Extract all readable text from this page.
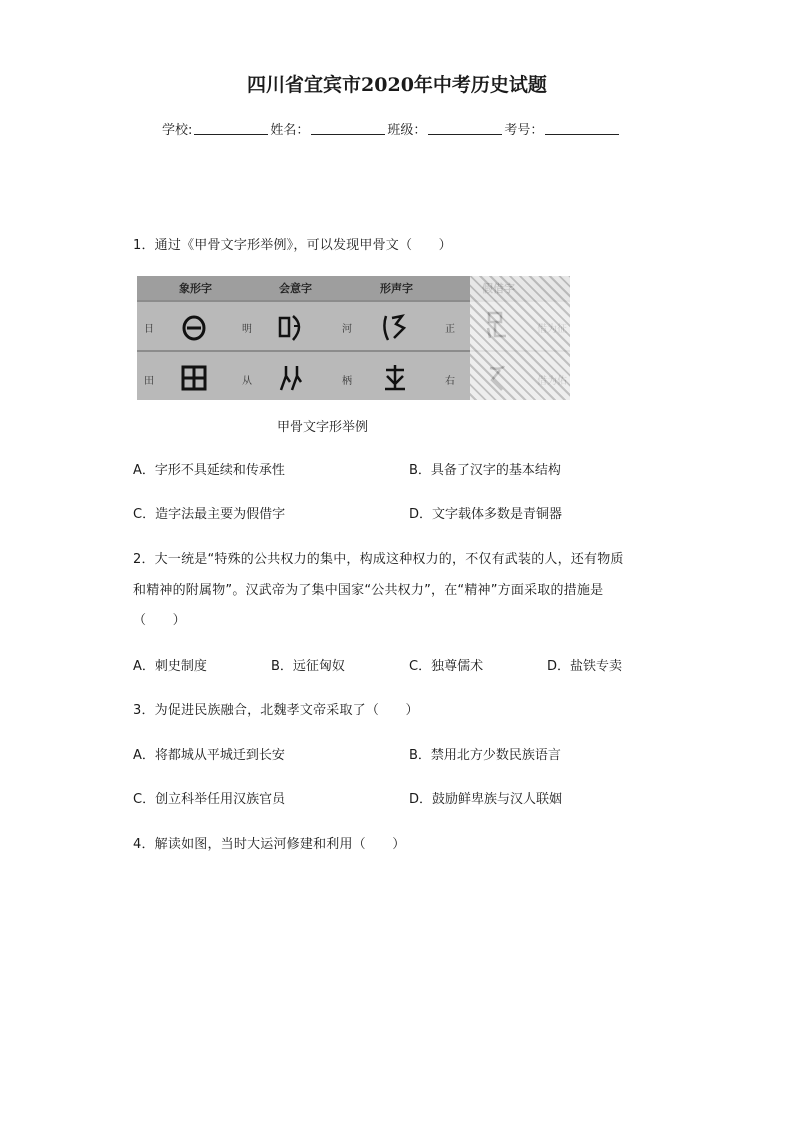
四川省宜宾市2020年中考历史试题
学校:	姓名：	班级：	考号：
1．通过《甲骨文字形举例》，可以发现甲骨文（　　）
象形字	会意字	形声字
日	明	河	正
田	从	柄	右
甲骨文字形举例
A．字形不具延续和传承性	B．具备了汉字的基本结构
C．造字法最主要为假借字	D．文字载体多数是青铜器
2．大一统是“特殊的公共权力的集中，构成这种权力的，不仅有武装的人，还有物质
和精神的附属物”。汉武帝为了集中国家“公共权力”，在“精神”方面采取的措施是
（　　）
A．刺史制度	B．远征匈奴	C．独尊儒术	D．盐铁专卖
3．为促进民族融合，北魏孝文帝采取了（　　）
A．将都城从平城迁到长安	B．禁用北方少数民族语言
C．创立科举任用汉族官员	D．鼓励鲜卑族与汉人联姻
4．解读如图，当时大运河修建和利用（　　）
